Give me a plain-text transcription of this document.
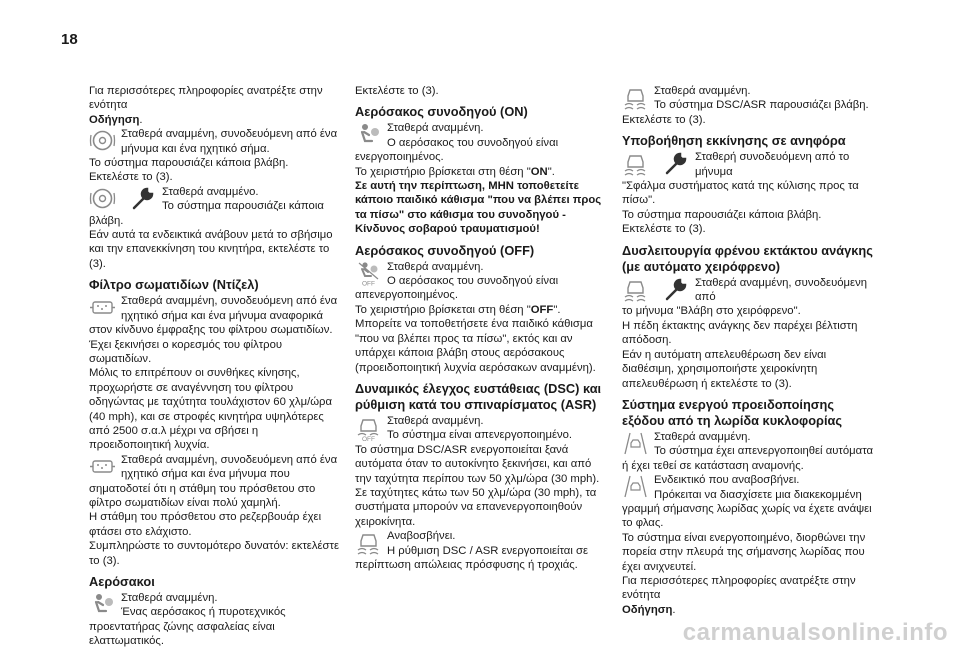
18

Για περισσότερες πληροφορίες ανατρέξτε στην ενότητα
Οδήγηση.

Σταθερά αναμμένη, συνοδευόμενη από ένα

μήνυμα και ένα ηχητικό σήμα.

Το σύστημα παρουσιάζει κάποια βλάβη.

Εκτελέστε το (3).

Σταθερά αναμμένο.

Το σύστημα παρουσιάζει κάποια βλάβη.

Εάν αυτά τα ενδεικτικά ανάβουν μετά το σβήσιμο και την επανεκκίνηση του κινητήρα, εκτελέστε το (3).

Φίλτρο σωματιδίων (Ντίζελ)

Σταθερά αναμμένη, συνοδευόμενη από ένα

ηχητικό σήμα και ένα μήνυμα αναφορικά στον κίνδυνο έμφραξης του φίλτρου σωματιδίων.

Έχει ξεκινήσει ο κορεσμός του φίλτρου σωματιδίων.

Μόλις το επιτρέπουν οι συνθήκες κίνησης, προχωρήστε σε αναγέννηση του φίλτρου οδηγώντας με ταχύτητα τουλάχιστον 60 χλμ/ώρα (40 mph), και σε στροφές κινητήρα υψηλότερες από 2500 σ.α.λ μέχρι να σβήσει η προειδοποιητική λυχνία.

Σταθερά αναμμένη, συνοδευόμενη από ένα

ηχητικό σήμα και ένα μήνυμα που σηματοδοτεί ότι η στάθμη του πρόσθετου στο φίλτρο σωματιδίων είναι πολύ χαμηλή.

Η στάθμη του πρόσθετου στο ρεζερβουάρ έχει φτάσει στο ελάχιστο.

Συμπληρώστε το συντομότερο δυνατόν: εκτελέστε το (3).

Αερόσακοι

Σταθερά αναμμένη.

Ένας αερόσακος ή πυροτεχνικός προεντατήρας ζώνης ασφαλείας είναι ελαττωματικός.

Εκτελέστε το (3).

Αερόσακος συνοδηγού (ON)

Σταθερά αναμμένη.

Ο αερόσακος του συνοδηγού είναι ενεργοποιημένος.

Το χειριστήριο βρίσκεται στη θέση "ON".

Σε αυτή την περίπτωση, ΜΗΝ τοποθετείτε κάποιο παιδικό κάθισμα "που να βλέπει προς τα πίσω" στο κάθισμα του συνοδηγού - Κίνδυνος σοβαρού τραυματισμού!

Αερόσακος συνοδηγού (OFF)

OFF

Σταθερά αναμμένη.

Ο αερόσακος του συνοδηγού είναι απενεργοποιημένος.

Το χειριστήριο βρίσκεται στη θέση "OFF".

Μπορείτε να τοποθετήσετε ένα παιδικό κάθισμα "που να βλέπει προς τα πίσω", εκτός και αν υπάρχει κάποια βλάβη στους αερόσακους (προειδοποιητική λυχνία αερόσακων αναμμένη).

Δυναμικός έλεγχος ευστάθειας (DSC) και ρύθμιση κατά του σπιναρίσματος (ASR)

OFF

Σταθερά αναμμένη.

Το σύστημα είναι απενεργοποιημένο.

Το σύστημα DSC/ASR ενεργοποιείται ξανά αυτόματα όταν το αυτοκίνητο ξεκινήσει, και από την ταχύτητα περίπου των 50 χλμ/ώρα (30 mph).

Σε ταχύτητες κάτω των 50 χλμ/ώρα (30 mph), τα συστήματα μπορούν να επανενεργοποιηθούν χειροκίνητα.

Αναβοσβήνει.

Η ρύθμιση DSC / ASR ενεργοποιείται σε περίπτωση απώλειας πρόσφυσης ή τροχιάς.

Σταθερά αναμμένη.

Το σύστημα DSC/ASR παρουσιάζει βλάβη.

Εκτελέστε το (3).

Υποβοήθηση εκκίνησης σε ανηφόρα

Σταθερή συνοδευόμενη από το μήνυμα

"Σφάλμα συστήματος κατά της κύλισης προς τα πίσω".

Το σύστημα παρουσιάζει κάποια βλάβη.

Εκτελέστε το (3).

Δυσλειτουργία φρένου εκτάκτου ανάγκης (με αυτόματο χειρόφρενο)

Σταθερά αναμμένη, συνοδευόμενη από

το μήνυμα "Βλάβη στο χειρόφρενο".

Η πέδη έκτακτης ανάγκης δεν παρέχει βέλτιστη απόδοση.

Εάν η αυτόματη απελευθέρωση δεν είναι διαθέσιμη, χρησιμοποιήστε χειροκίνητη απελευθέρωση ή εκτελέστε το (3).

Σύστημα ενεργού προειδοποίησης εξόδου από τη λωρίδα κυκλοφορίας

Σταθερά αναμμένη.

Το σύστημα έχει απενεργοποιηθεί αυτόματα ή έχει τεθεί σε κατάσταση αναμονής.

Ενδεικτικό που αναβοσβήνει.

Πρόκειται να διασχίσετε μια διακεκομμένη γραμμή σήμανσης λωρίδας χωρίς να έχετε ανάψει το φλας.

Το σύστημα είναι ενεργοποιημένο, διορθώνει την πορεία στην πλευρά της σήμανσης λωρίδας που έχει ανιχνευτεί.

Για περισσότερες πληροφορίες ανατρέξτε στην ενότητα

Οδήγηση.

carmanualsonline.info
